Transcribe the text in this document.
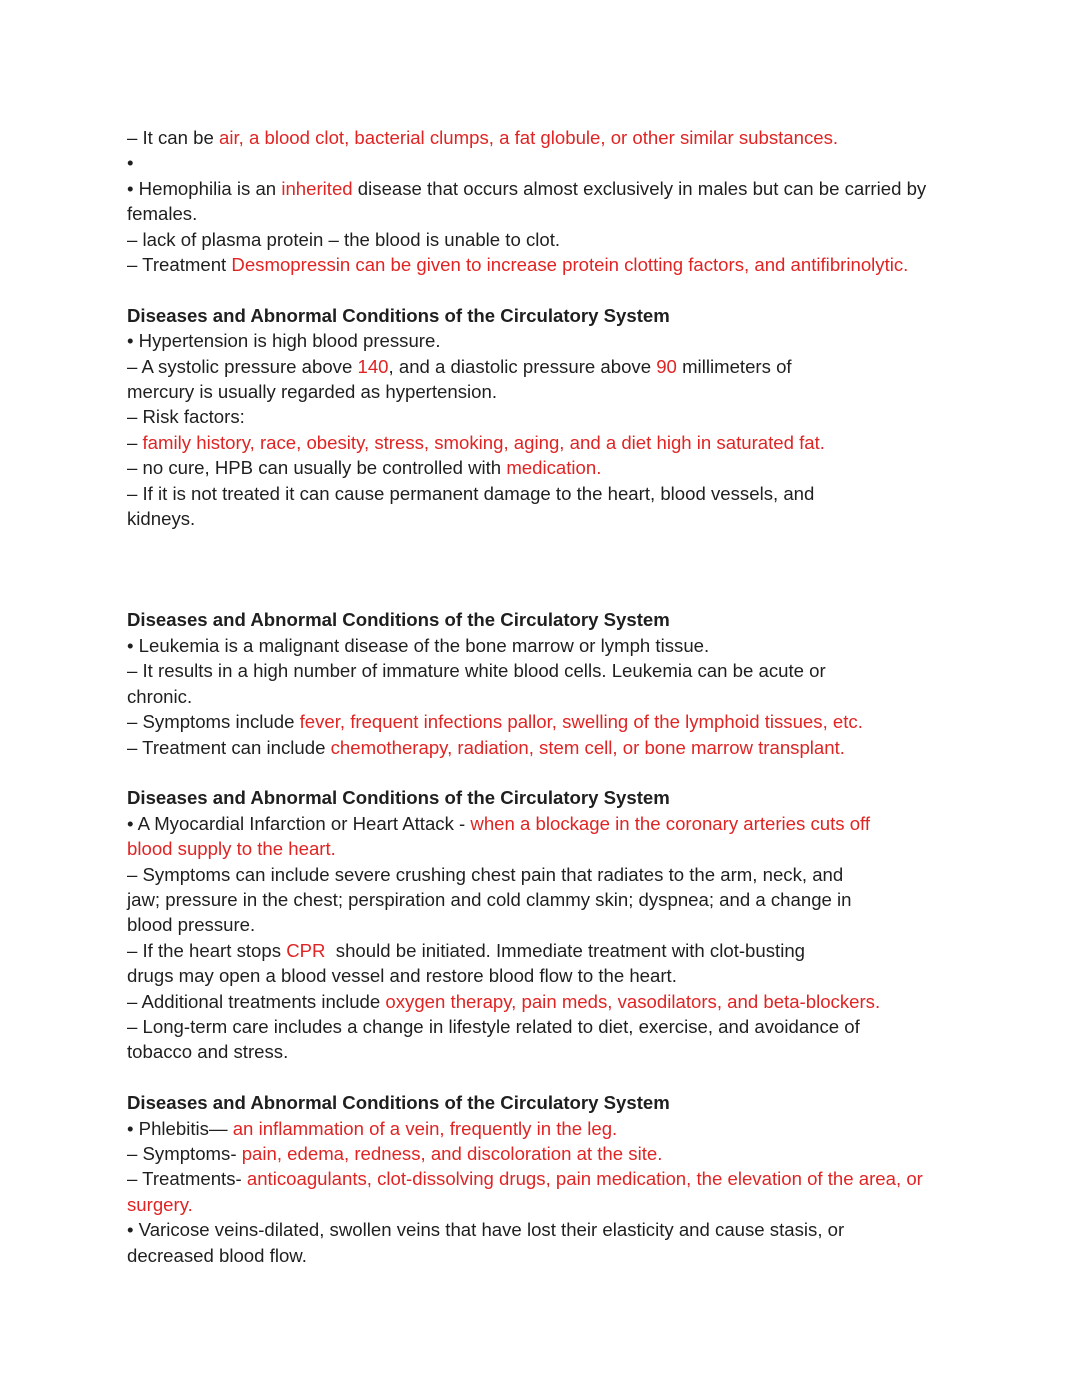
– It can be air, a blood clot, bacterial clumps, a fat globule, or other similar substances.
•
• Hemophilia is an inherited disease that occurs almost exclusively in males but can be carried by females.
– lack of plasma protein – the blood is unable to clot.
– Treatment Desmopressin can be given to increase protein clotting factors, and antifibrinolytic.
Diseases and Abnormal Conditions of the Circulatory System
• Hypertension is high blood pressure.
– A systolic pressure above 140, and a diastolic pressure above 90 millimeters of mercury is usually regarded as hypertension.
– Risk factors:
– family history, race, obesity, stress, smoking, aging, and a diet high in saturated fat.
– no cure, HPB can usually be controlled with medication.
– If it is not treated it can cause permanent damage to the heart, blood vessels, and kidneys.
Diseases and Abnormal Conditions of the Circulatory System
• Leukemia is a malignant disease of the bone marrow or lymph tissue.
– It results in a high number of immature white blood cells. Leukemia can be acute or chronic.
– Symptoms include fever, frequent infections pallor, swelling of the lymphoid tissues, etc.
– Treatment can include chemotherapy, radiation, stem cell, or bone marrow transplant.
Diseases and Abnormal Conditions of the Circulatory System
• A Myocardial Infarction or Heart Attack - when a blockage in the coronary arteries cuts off blood supply to the heart.
– Symptoms can include severe crushing chest pain that radiates to the arm, neck, and jaw; pressure in the chest; perspiration and cold clammy skin; dyspnea; and a change in blood pressure.
– If the heart stops CPR  should be initiated. Immediate treatment with clot-busting drugs may open a blood vessel and restore blood flow to the heart.
– Additional treatments include oxygen therapy, pain meds, vasodilators, and beta-blockers.
– Long-term care includes a change in lifestyle related to diet, exercise, and avoidance of tobacco and stress.
Diseases and Abnormal Conditions of the Circulatory System
• Phlebitis— an inflammation of a vein, frequently in the leg.
– Symptoms- pain, edema, redness, and discoloration at the site.
– Treatments- anticoagulants, clot-dissolving drugs, pain medication, the elevation of the area, or surgery.
• Varicose veins-dilated, swollen veins that have lost their elasticity and cause stasis, or decreased blood flow.
